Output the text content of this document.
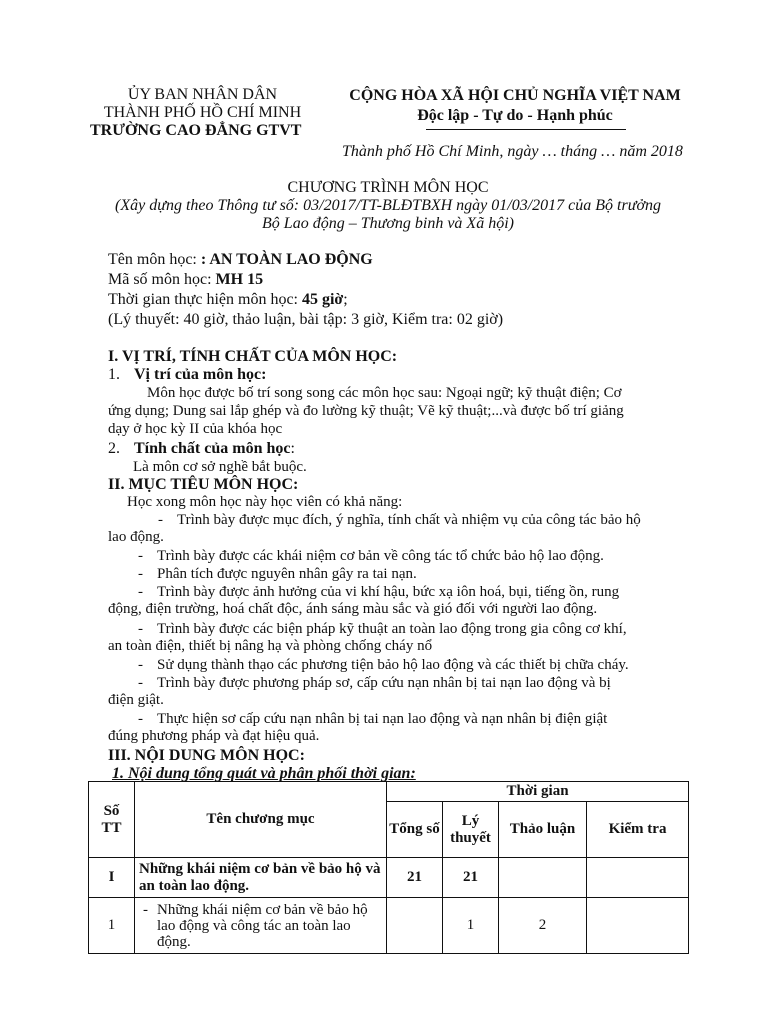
ỦY BAN NHÂN DÂN
THÀNH PHỐ HỒ CHÍ MINH
TRƯỜNG CAO ĐẲNG GTVT
CỘNG HÒA XÃ HỘI CHỦ NGHĨA VIỆT NAM
Độc lập - Tự do - Hạnh phúc
Thành phố Hồ Chí Minh, ngày … tháng … năm 2018
CHƯƠNG TRÌNH MÔN HỌC
(Xây dựng theo Thông tư số: 03/2017/TT-BLĐTBXH ngày 01/03/2017 của Bộ trưởng
Bộ Lao động – Thương binh và Xã hội)
Tên môn học: : AN TOÀN LAO ĐỘNG
Mã số môn học: MH 15
Thời gian thực hiện môn học: 45 giờ;
(Lý thuyết: 40 giờ, thảo luận, bài tập: 3 giờ, Kiểm tra: 02 giờ)
I. VỊ TRÍ, TÍNH CHẤT CỦA MÔN HỌC:
1. Vị trí của môn học:
Môn học được bố trí song song các môn học sau: Ngoại ngữ; kỹ thuật điện; Cơ
ứng dụng; Dung sai lắp ghép và đo lường kỹ thuật; Vẽ kỹ thuật;...và được bố trí giảng
dạy ở học kỳ II của khóa học
2. Tính chất của môn học:
Là môn cơ sở nghề bắt buộc.
II. MỤC TIÊU MÔN HỌC:
Học xong môn học này học viên có khả năng:
- Trình bày được mục đích, ý nghĩa, tính chất và nhiệm vụ của công tác bảo hộ
lao động.
- Trình bày được các khái niệm cơ bản về công tác tổ chức bảo hộ lao động.
- Phân tích được nguyên nhân gây ra tai nạn.
- Trình bày được ảnh hưởng của vi khí hậu, bức xạ iôn hoá, bụi, tiếng ồn, rung
động, điện trường, hoá chất độc, ánh sáng màu sắc và gió đối với người lao động.
- Trình bày được các biện pháp kỹ thuật an toàn lao động trong gia công cơ khí,
an toàn điện, thiết bị nâng hạ và phòng chống cháy nổ
- Sử dụng thành thạo các phương tiện bảo hộ lao động và các thiết bị chữa cháy.
- Trình bày được phương pháp sơ, cấp cứu nạn nhân bị tai nạn lao động và bị
điện giật.
- Thực hiện sơ cấp cứu nạn nhân bị tai nạn lao động và nạn nhân bị điện giật
đúng phương pháp và đạt hiệu quả.
III. NỘI DUNG MÔN HỌC:
1. Nội dung tổng quát và phân phối thời gian:
Số TT	Tên chương mục	Thời gian			
		Tổng số	Lý thuyết	Thảo luận	Kiểm tra
I	Những khái niệm cơ bản về bảo hộ và an toàn lao động.	21	21		
1	- Những khái niệm cơ bản về bảo hộ lao động và công tác an toàn lao động.		1	2	
